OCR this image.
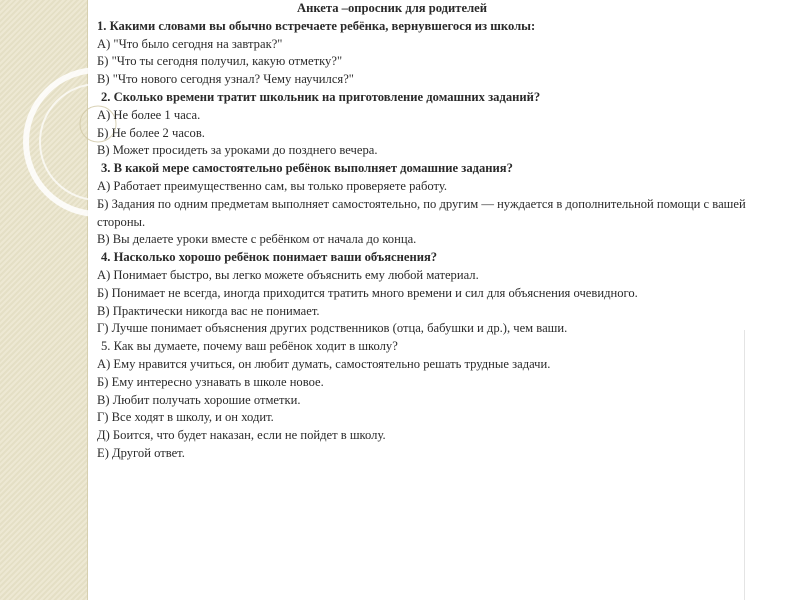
Анкета –опросник для родителей
1. Какими словами вы обычно встречаете ребёнка, вернувшегося из школы:
А) "Что было сегодня на завтрак?"
Б) "Что ты сегодня получил, какую отметку?"
В) "Что нового сегодня узнал? Чему научился?"
2. Сколько времени тратит школьник на приготовление домашних заданий?
А) Не более 1 часа.
Б) Не более 2 часов.
В) Может просидеть за уроками до позднего вечера.
3. В какой мере самостоятельно ребёнок выполняет домашние задания?
А) Работает преимущественно сам, вы только проверяете работу.
Б) Задания по одним предметам выполняет самостоятельно, по другим — нуждается в дополнительной помощи с вашей стороны.
В) Вы делаете уроки вместе с ребёнком от начала до конца.
4. Насколько хорошо ребёнок понимает ваши объяснения?
А) Понимает быстро, вы легко можете объяснить ему любой материал.
Б) Понимает не всегда, иногда приходится тратить много времени и сил для объяснения очевидного.
В) Практически никогда вас не понимает.
Г) Лучше понимает объяснения других родственников (отца, бабушки и др.), чем ваши.
5. Как вы думаете, почему ваш ребёнок ходит в школу?
А) Ему нравится учиться, он любит думать, самостоятельно решать трудные задачи.
Б) Ему интересно узнавать в школе новое.
В) Любит получать хорошие отметки.
Г) Все ходят в школу, и он ходит.
Д) Боится, что будет наказан, если не пойдет в школу.
Е) Другой ответ.
